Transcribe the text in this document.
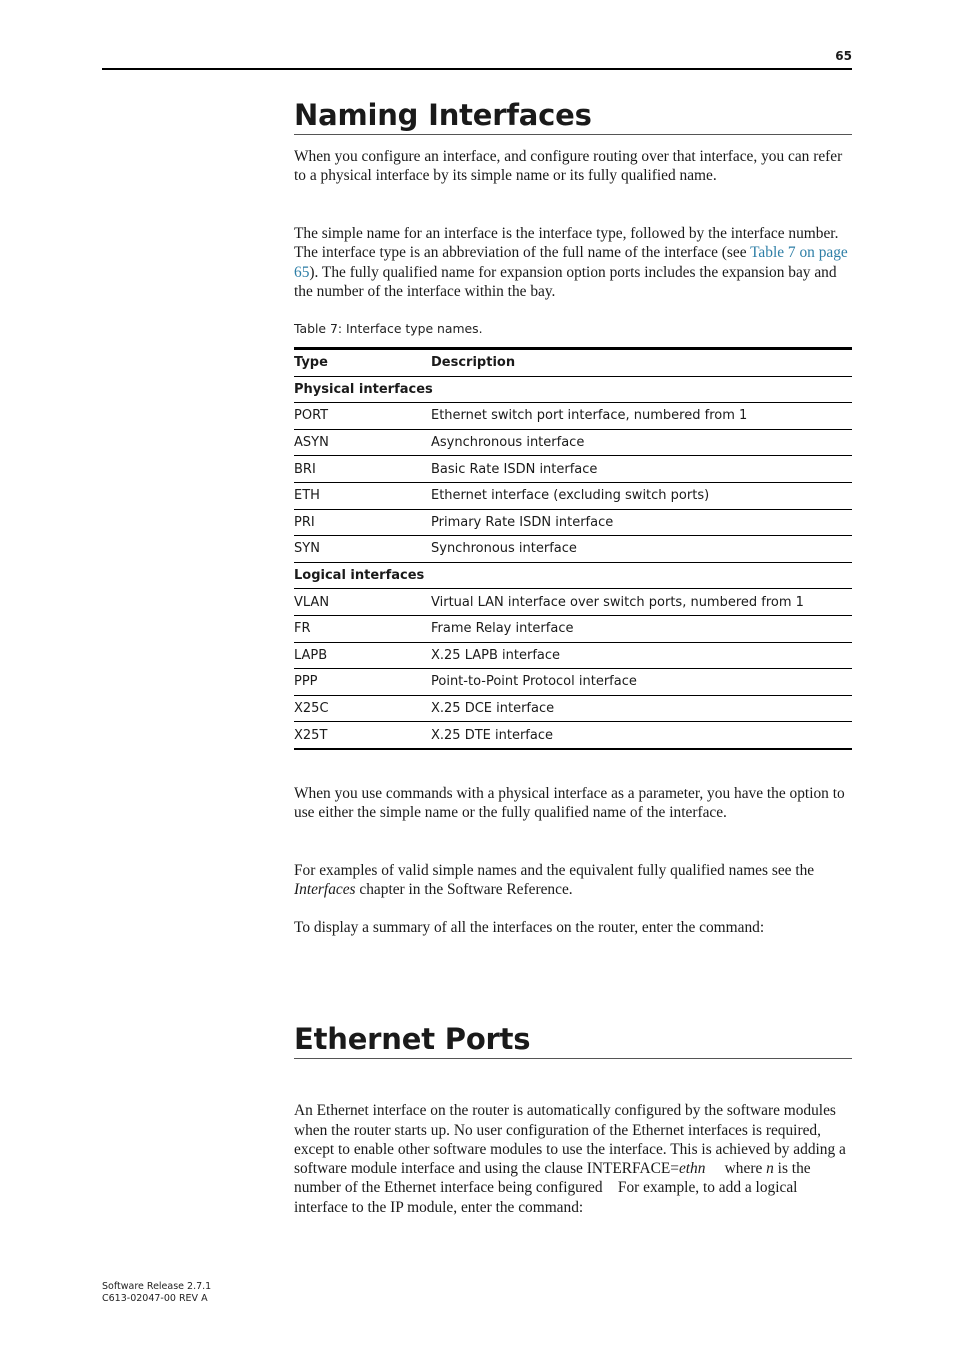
65
Naming Interfaces

When you configure an interface, and configure routing over that interface, you can refer to a physical interface by its simple name or its fully qualified name.

The simple name for an interface is the interface type, followed by the interface number. The interface type is an abbreviation of the full name of the interface (see Table 7 on page 65). The fully qualified name for expansion option ports includes the expansion bay and the number of the interface within the bay.

Table 7: Interface type names.
Type	Description
Physical interfaces	
PORT	Ethernet switch port interface, numbered from 1
ASYN	Asynchronous interface
BRI	Basic Rate ISDN interface
ETH	Ethernet interface (excluding switch ports)
PRI	Primary Rate ISDN interface
SYN	Synchronous interface
Logical interfaces	
VLAN	Virtual LAN interface over switch ports, numbered from 1
FR	Frame Relay interface
LAPB	X.25 LAPB interface
PPP	Point-to-Point Protocol interface
X25C	X.25 DCE interface
X25T	X.25 DTE interface

When you use commands with a physical interface as a parameter, you have the option to use either the simple name or the fully qualified name of the interface.

For examples of valid simple names and the equivalent fully qualified names see the Interfaces chapter in the Software Reference.

To display a summary of all the interfaces on the router, enter the command:

Ethernet Ports

An Ethernet interface on the router is automatically configured by the software modules when the router starts up. No user configuration of the Ethernet interfaces is required, except to enable other software modules to use the interface. This is achieved by adding a software module interface and using the clause INTERFACE=ethn     where n is the number of the Ethernet interface being configured    For example, to add a logical interface to the IP module, enter the command:

Software Release 2.7.1
C613-02047-00 REV A
